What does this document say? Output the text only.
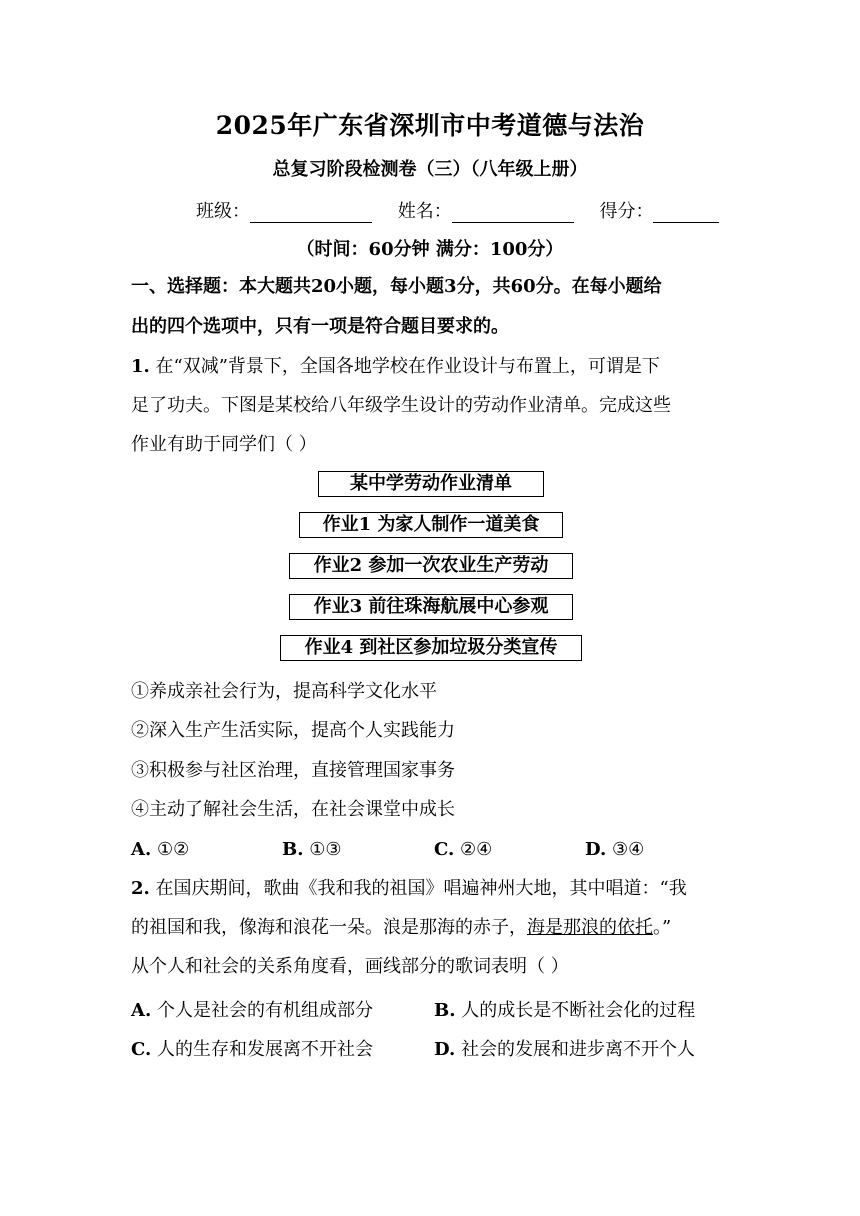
2025年广东省深圳市中考道德与法治
总复习阶段检测卷（三）（八年级上册）
班级：	姓名：	得分：
（时间：60分钟 满分：100分）
一、选择题：本大题共20小题，每小题3分，共60分。在每小题给
出的四个选项中，只有一项是符合题目要求的。
1. 在“双减”背景下，全国各地学校在作业设计与布置上，可谓是下
足了功夫。下图是某校给八年级学生设计的劳动作业清单。完成这些
作业有助于同学们（ ）
某中学劳动作业清单
作业1 为家人制作一道美食
作业2 参加一次农业生产劳动
作业3 前往珠海航展中心参观
作业4 到社区参加垃圾分类宣传
①养成亲社会行为，提高科学文化水平
②深入生产生活实际，提高个人实践能力
③积极参与社区治理，直接管理国家事务
④主动了解社会生活，在社会课堂中成长
A. ①②	B. ①③	C. ②④	D. ③④
2. 在国庆期间，歌曲《我和我的祖国》唱遍神州大地，其中唱道：“我
的祖国和我，像海和浪花一朵。浪是那海的赤子，海是那浪的依托。”
从个人和社会的关系角度看，画线部分的歌词表明（ ）
A. 个人是社会的有机组成部分	B. 人的成长是不断社会化的过程
C. 人的生存和发展离不开社会	D. 社会的发展和进步离不开个人
